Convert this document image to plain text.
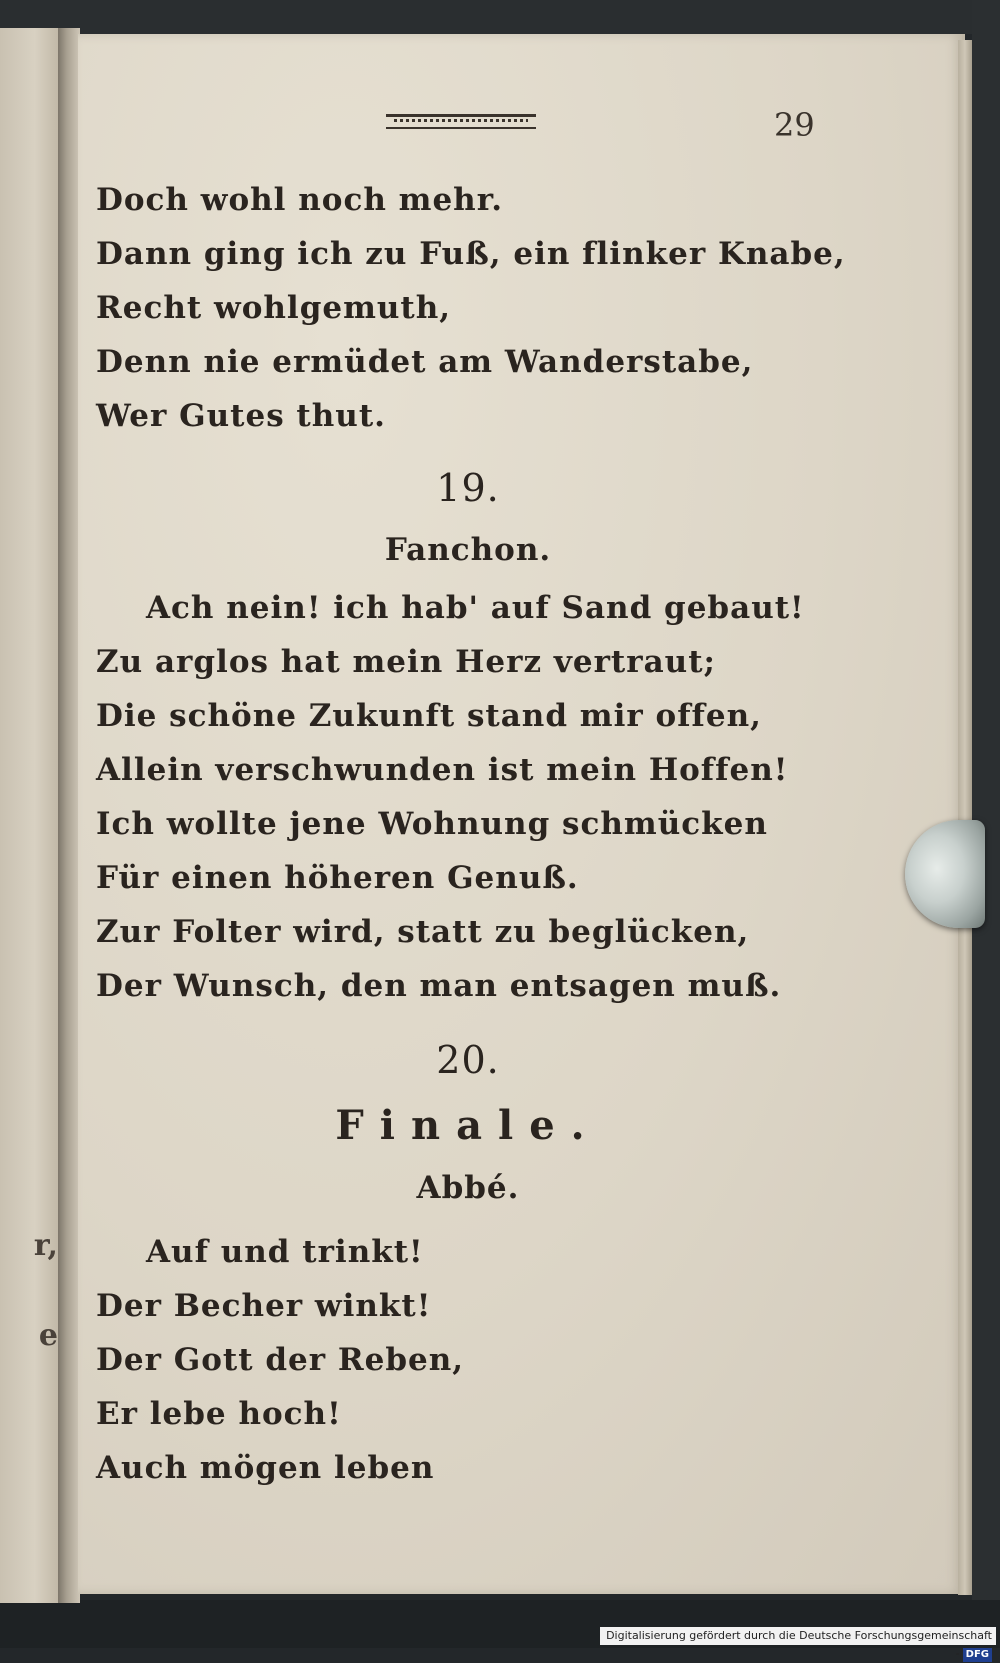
r,
e
29
Doch wohl noch mehr.
Dann ging ich zu Fuß, ein flinker Knabe,
Recht wohlgemuth,
Denn nie ermüdet am Wanderstabe,
Wer Gutes thut.
19.
Fanchon.
Ach nein! ich hab' auf Sand gebaut!
Zu arglos hat mein Herz vertraut;
Die schöne Zukunft stand mir offen,
Allein verschwunden ist mein Hoffen!
Ich wollte jene Wohnung schmücken
Für einen höheren Genuß.
Zur Folter wird, statt zu beglücken,
Der Wunsch, den man entsagen muß.
20.
Finale.
Abbé.
Auf und trinkt!
Der Becher winkt!
Der Gott der Reben,
Er lebe hoch!
Auch mögen leben
Digitalisierung gefördert durch die Deutsche Forschungsgemeinschaft - DFG
